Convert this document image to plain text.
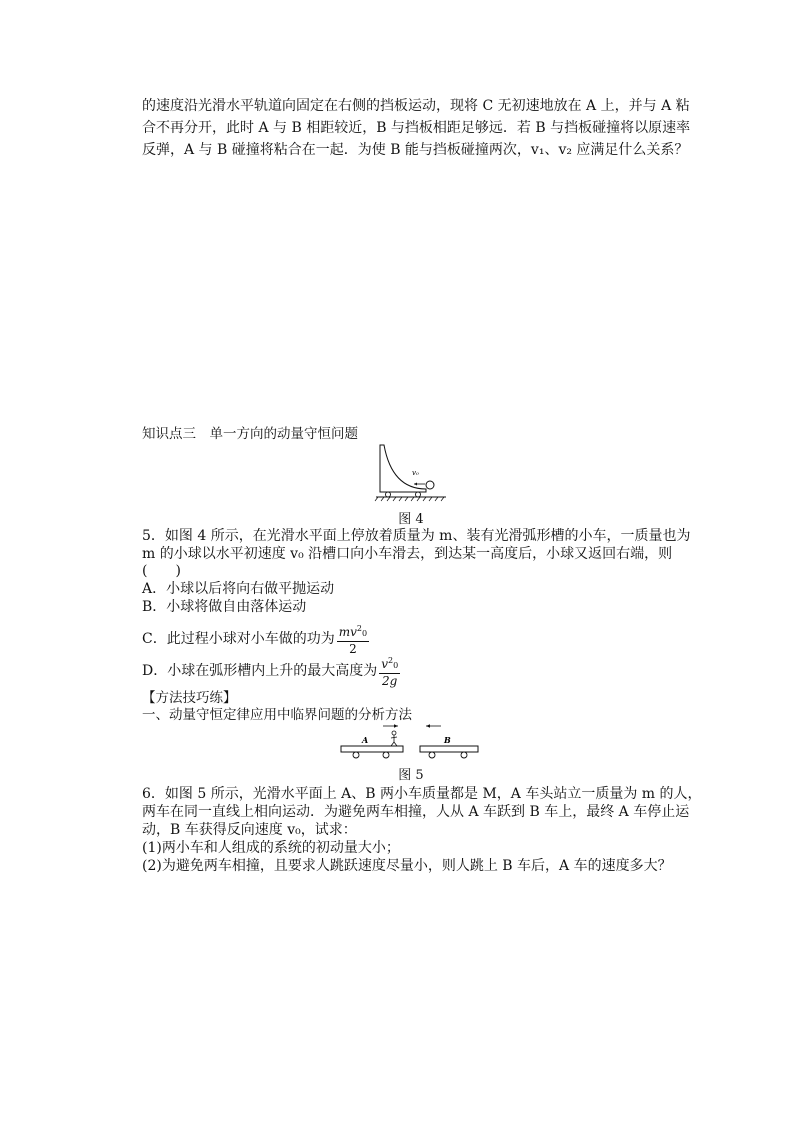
的速度沿光滑水平轨道向固定在右侧的挡板运动，现将 C 无初速地放在 A 上，并与 A 粘
合不再分开，此时 A 与 B 相距较近，B 与挡板相距足够远．若 B 与挡板碰撞将以原速率
反弹，A 与 B 碰撞将粘合在一起．为使 B 能与挡板碰撞两次，v₁、v₂ 应满足什么关系？
知识点三　单一方向的动量守恒问题
v₀
图 4
5．如图 4 所示，在光滑水平面上停放着质量为 m、装有光滑弧形槽的小车，一质量也为
m 的小球以水平初速度 v₀ 沿槽口向小车滑去，到达某一高度后，小球又返回右端，则
(　　)
A．小球以后将向右做平抛运动
B．小球将做自由落体运动
C．此过程小球对小车做的功为 $\frac{mv^20}{2}$
D．小球在弧形槽内上升的最大高度为 $\frac{v^20}{2g}$
【方法技巧练】
一、动量守恒定律应用中临界问题的分析方法
A	B
图 5
6．如图 5 所示，光滑水平面上 A、B 两小车质量都是 M，A 车头站立一质量为 m 的人，
两车在同一直线上相向运动．为避免两车相撞，人从 A 车跃到 B 车上，最终 A 车停止运
动，B 车获得反向速度 v₀，试求：
(1)两小车和人组成的系统的初动量大小；
(2)为避免两车相撞，且要求人跳跃速度尽量小，则人跳上 B 车后，A 车的速度多大？
